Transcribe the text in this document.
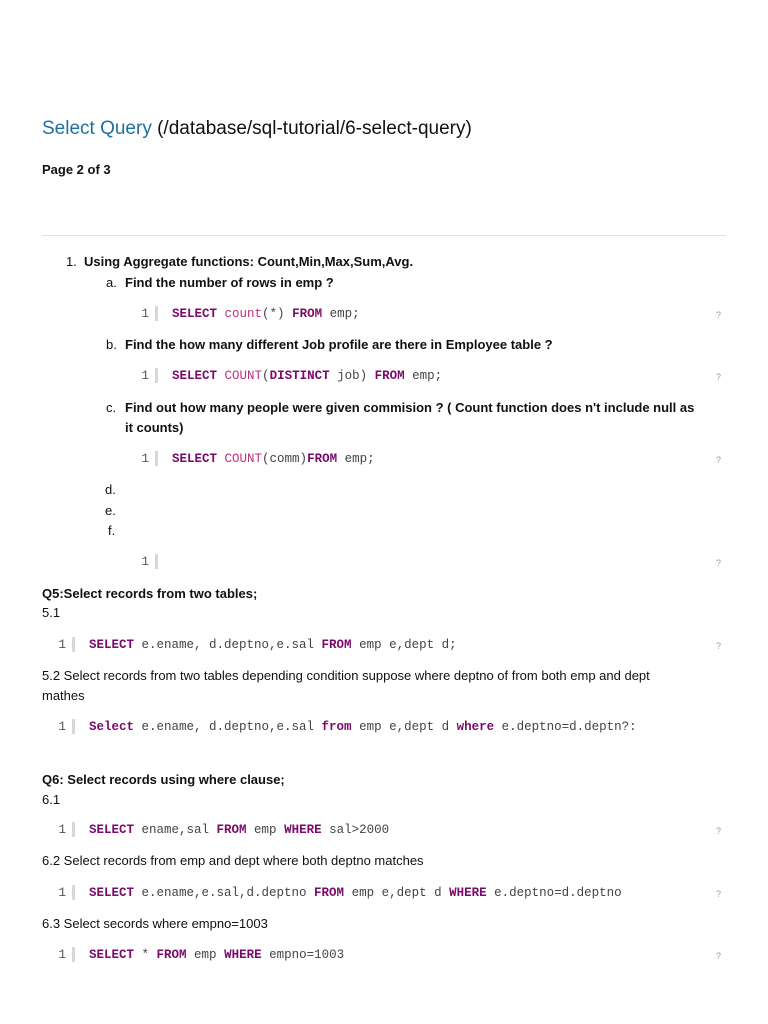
Select Query (/database/sql-tutorial/6-select-query)
Page 2 of 3
1. Using Aggregate functions: Count,Min,Max,Sum,Avg.
a. Find the number of rows in emp ?
1 SELECT count(*) FROM emp;	?
b. Find the how many different Job profile are there in Employee table ?
1 SELECT COUNT(DISTINCT job) FROM emp;	?
c. Find out how many people were given commision ? ( Count function does n't include null as
it counts)
1 SELECT COUNT(comm)FROM emp;	?
d.
e.
f.
1	?
Q5:Select records from two tables;
5.1
1 SELECT e.ename, d.deptno,e.sal FROM emp e,dept d;	?
5.2 Select records from two tables depending condition suppose where deptno of from both emp and dept
mathes
1 Select e.ename, d.deptno,e.sal from emp e,dept d where e.deptno=d.deptn?:
Q6: Select records using where clause;
6.1
1 SELECT ename,sal FROM emp WHERE sal>2000	?
6.2 Select records from emp and dept where both deptno matches
1 SELECT e.ename,e.sal,d.deptno FROM emp e,dept d WHERE e.deptno=d.deptno	?
6.3 Select secords where empno=1003
1 SELECT * FROM emp WHERE empno=1003	?
